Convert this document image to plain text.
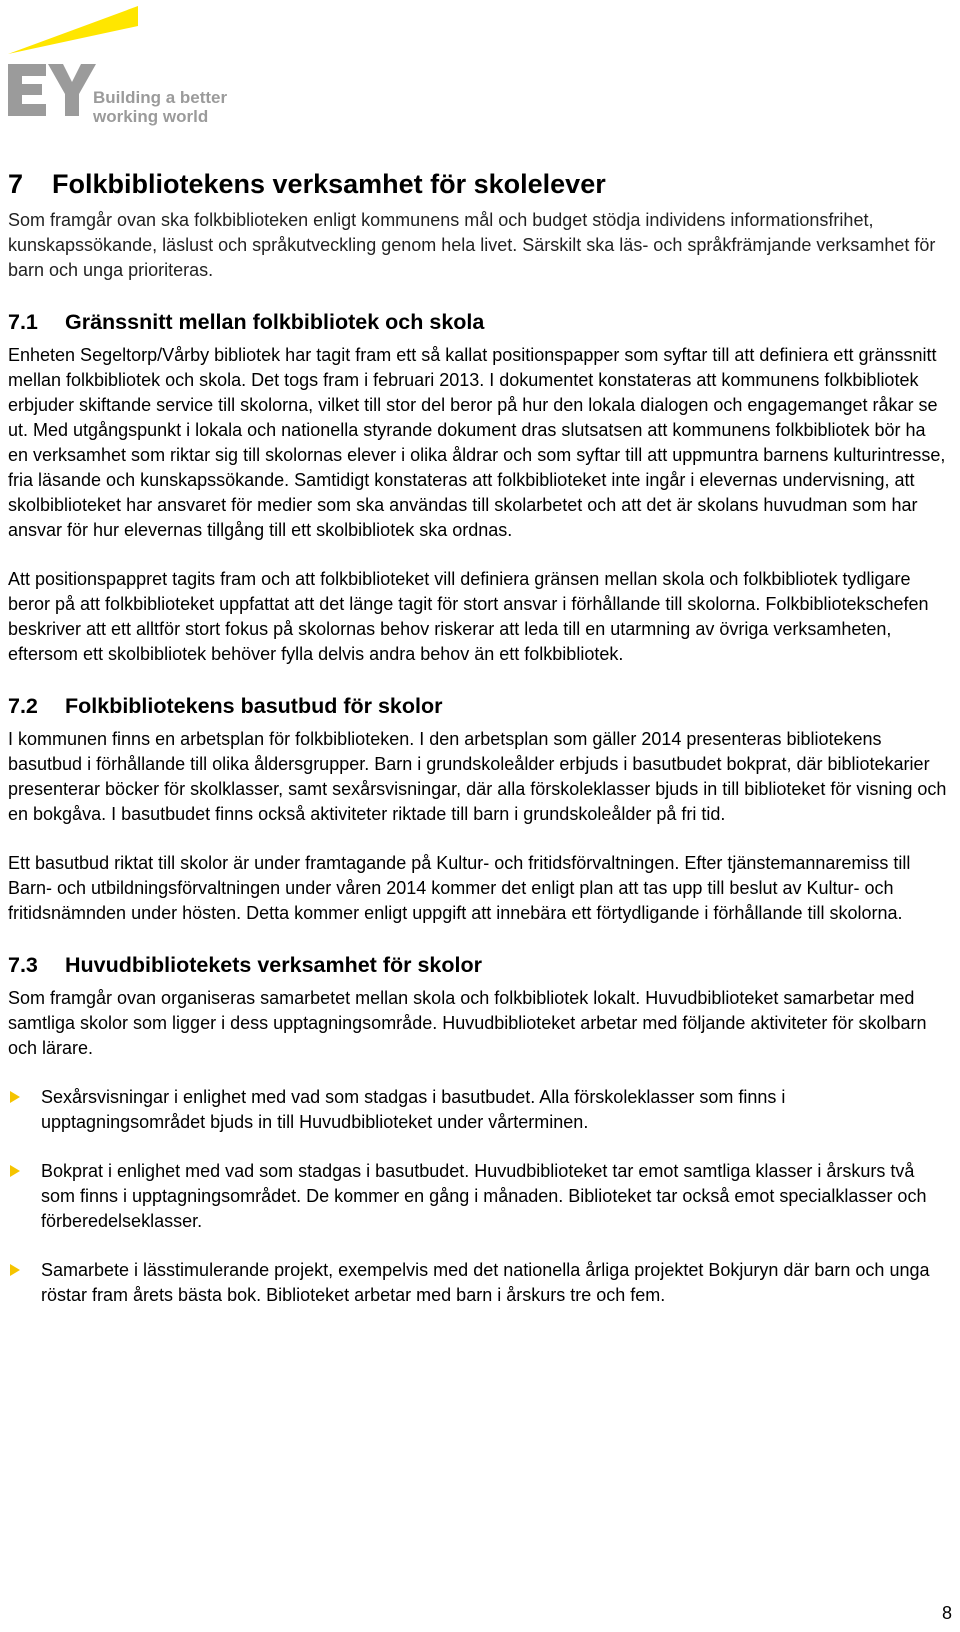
Building a better
working world
7 Folkbibliotekens verksamhet för skolelever

Som framgår ovan ska folkbiblioteken enligt kommunens mål och budget stödja individens informationsfrihet, kunskapssökande, läslust och språkutveckling genom hela livet. Särskilt ska läs- och språkfrämjande verksamhet för barn och unga prioriteras.

7.1 Gränssnitt mellan folkbibliotek och skola

Enheten Segeltorp/Vårby bibliotek har tagit fram ett så kallat positionspapper som syftar till att definiera ett gränssnitt mellan folkbibliotek och skola. Det togs fram i februari 2013. I dokumentet konstateras att kommunens folkbibliotek erbjuder skiftande service till skolorna, vilket till stor del beror på hur den lokala dialogen och engagemanget råkar se ut. Med utgångspunkt i lokala och nationella styrande dokument dras slutsatsen att kommunens folkbibliotek bör ha en verksamhet som riktar sig till skolornas elever i olika åldrar och som syftar till att uppmuntra barnens kulturintresse, fria läsande och kunskapssökande. Samtidigt konstateras att folkbiblioteket inte ingår i elevernas undervisning, att skolbiblioteket har ansvaret för medier som ska användas till skolarbetet och att det är skolans huvudman som har ansvar för hur elevernas tillgång till ett skolbibliotek ska ordnas.

Att positionspappret tagits fram och att folkbiblioteket vill definiera gränsen mellan skola och folkbibliotek tydligare beror på att folkbiblioteket uppfattat att det länge tagit för stort ansvar i förhållande till skolorna. Folkbibliotekschefen beskriver att ett alltför stort fokus på skolornas behov riskerar att leda till en utarmning av övriga verksamheten, eftersom ett skolbibliotek behöver fylla delvis andra behov än ett folkbibliotek.

7.2 Folkbibliotekens basutbud för skolor

I kommunen finns en arbetsplan för folkbiblioteken. I den arbetsplan som gäller 2014 presenteras bibliotekens basutbud i förhållande till olika åldersgrupper. Barn i grundskoleålder erbjuds i basutbudet bokprat, där bibliotekarier presenterar böcker för skolklasser, samt sexårsvisningar, där alla förskoleklasser bjuds in till biblioteket för visning och en bokgåva. I basutbudet finns också aktiviteter riktade till barn i grundskoleålder på fri tid.

Ett basutbud riktat till skolor är under framtagande på Kultur- och fritidsförvaltningen. Efter tjänstemannaremiss till Barn- och utbildningsförvaltningen under våren 2014 kommer det enligt plan att tas upp till beslut av Kultur- och fritidsnämnden under hösten. Detta kommer enligt uppgift att innebära ett förtydligande i förhållande till skolorna.

7.3 Huvudbibliotekets verksamhet för skolor

Som framgår ovan organiseras samarbetet mellan skola och folkbibliotek lokalt. Huvudbiblioteket samarbetar med samtliga skolor som ligger i dess upptagningsområde. Huvudbiblioteket arbetar med följande aktiviteter för skolbarn och lärare.

Sexårsvisningar i enlighet med vad som stadgas i basutbudet. Alla förskoleklasser som finns i upptagningsområdet bjuds in till Huvudbiblioteket under vårterminen.
Bokprat i enlighet med vad som stadgas i basutbudet. Huvudbiblioteket tar emot samtliga klasser i årskurs två som finns i upptagningsområdet. De kommer en gång i månaden. Biblioteket tar också emot specialklasser och förberedelseklasser.
Samarbete i lässtimulerande projekt, exempelvis med det nationella årliga projektet Bokjuryn där barn och unga röstar fram årets bästa bok. Biblioteket arbetar med barn i årskurs tre och fem.
8
